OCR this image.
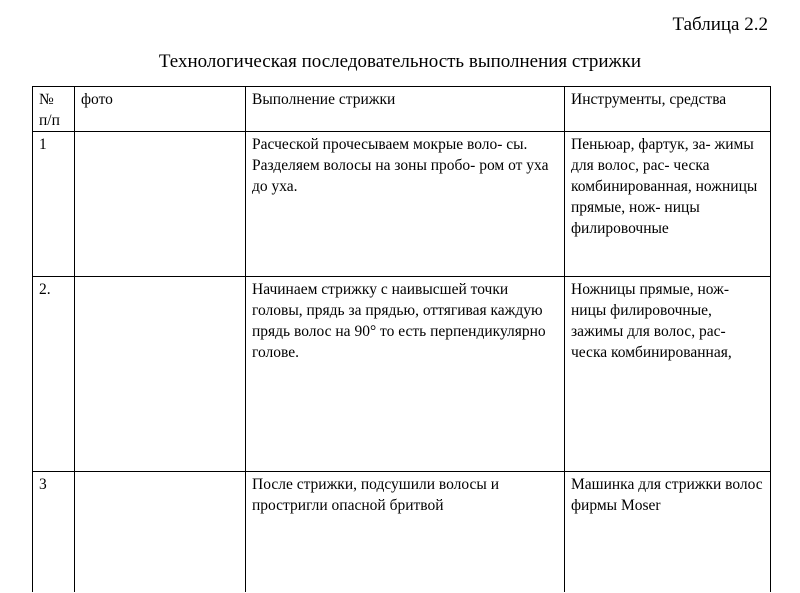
Таблица 2.2
Технологическая последовательность выполнения стрижки
№ п/п	фото	Выполнение стрижки	Инструменты, средства
1		Расческой прочесываем мокрые воло- сы. Разделяем волосы на зоны пробо- ром от уха до уха.	Пеньюар, фартук, за- жимы для волос, рас- ческа комбинированная, ножницы прямые, нож- ницы филировочные
2.		Начинаем стрижку с наивысшей точки головы, прядь за прядью, оттягивая каждую прядь волос на 90° то есть перпендикулярно голове.	Ножницы прямые, нож- ницы филировочные, зажимы для волос, рас- ческа комбинированная,
3		После стрижки, подсушили волосы и простригли опасной бритвой	Машинка для стрижки волос фирмы Moser
